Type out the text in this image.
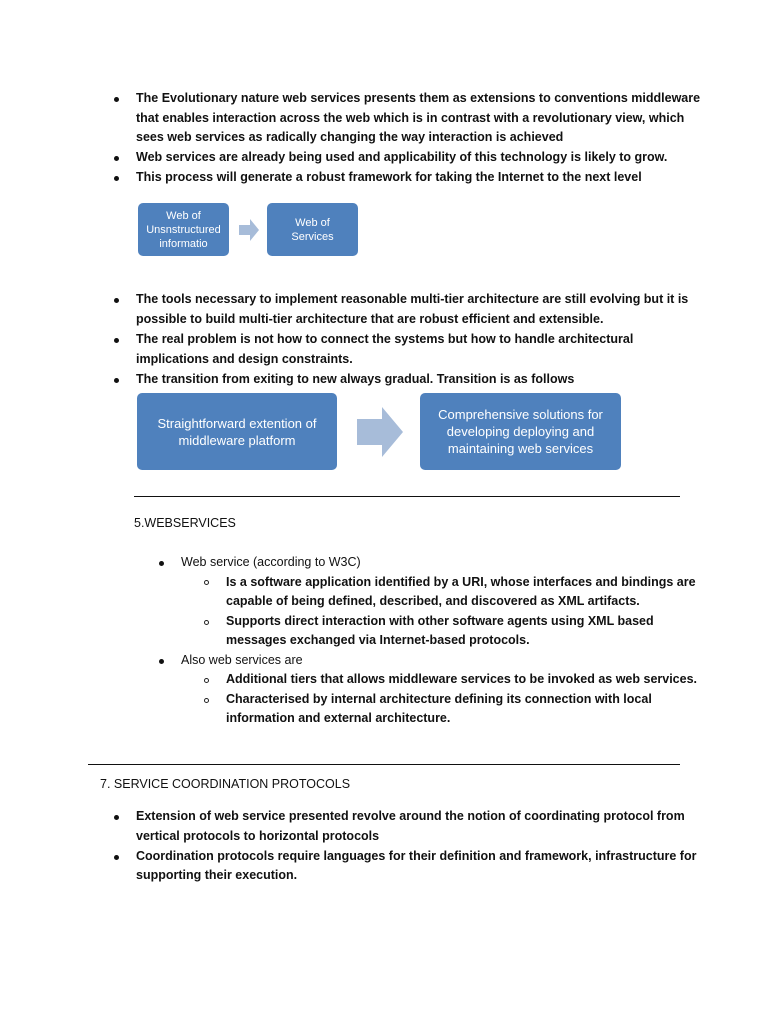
The Evolutionary nature web services presents them as extensions to conventions middleware
that enables interaction across the web which is in contrast with a revolutionary view, which
sees web services as radically changing the way interaction is achieved
Web services are already being used and applicability of this technology is likely to grow.
This process will generate a robust framework for taking the Internet to the next level
Web of Unsnstructured informatio
Web of Services
The tools necessary to implement reasonable multi-tier architecture are still evolving but it is
possible to build multi-tier architecture that are robust efficient and extensible.
The real problem is not how to connect the systems but how to handle architectural
implications and design constraints.
The transition from exiting to new always gradual. Transition is as follows
Straightforward extention of middleware platform
Comprehensive solutions for developing deploying and maintaining web services
5.WEBSERVICES
Web service (according to W3C)
Is a software application identified by a URI, whose interfaces and bindings are
capable of being defined, described, and discovered as XML artifacts.
Supports direct interaction with other software agents using XML based
messages exchanged via Internet-based protocols.
Also web services are
Additional tiers that allows middleware services to be invoked as web services.
Characterised by internal architecture defining its connection with local
information and external architecture.
7. SERVICE COORDINATION PROTOCOLS
Extension of web service presented revolve around the notion of coordinating protocol from
vertical protocols to horizontal protocols
Coordination protocols require languages for their definition and framework, infrastructure for
supporting their execution.
